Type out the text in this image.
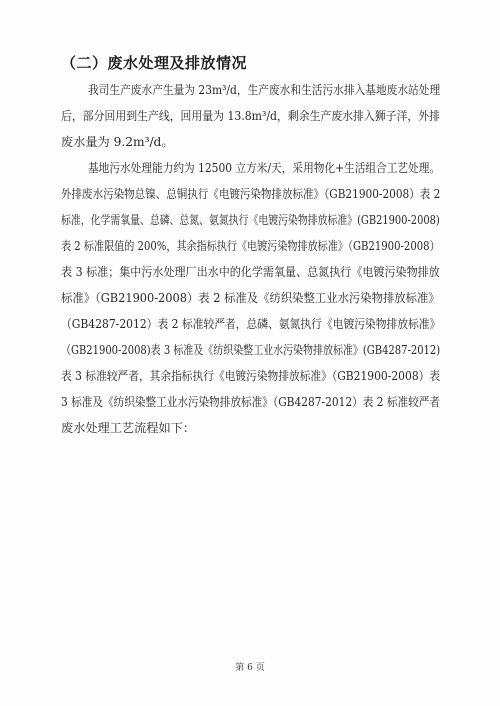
（二）废水处理及排放情况
我司生产废水产生量为 23m³/d，生产废水和生活污水排入基地废水站处理
后，部分回用到生产线，回用量为 13.8m³/d，剩余生产废水排入狮子洋，外排
废水量为 9.2m³/d。
基地污水处理能力约为 12500 立方米/天，采用物化+生活组合工艺处理。
外排废水污染物总镍、总铜执行《电镀污染物排放标准》（GB21900-2008）表 2
标准，化学需氧量、总磷、总氮、氨氮执行《电镀污染物排放标准》(GB21900-2008)
表 2 标准限值的 200%，其余指标执行《电镀污染物排放标准》（GB21900-2008）
表 3 标准；集中污水处理厂出水中的化学需氧量、总氮执行《电镀污染物排放
标准》（GB21900-2008）表 2 标准及《纺织染整工业水污染物排放标准》
（GB4287-2012）表 2 标准较严者，总磷、氨氮执行《电镀污染物排放标准》
（GB21900-2008)表 3 标准及《纺织染整工业水污染物排放标准》(GB4287-2012)
表 3 标准较严者，其余指标执行《电镀污染物排放标准》（GB21900-2008）表
3 标准及《纺织染整工业水污染物排放标准》（GB4287-2012）表 2 标准较严者
废水处理工艺流程如下：
第 6 页
